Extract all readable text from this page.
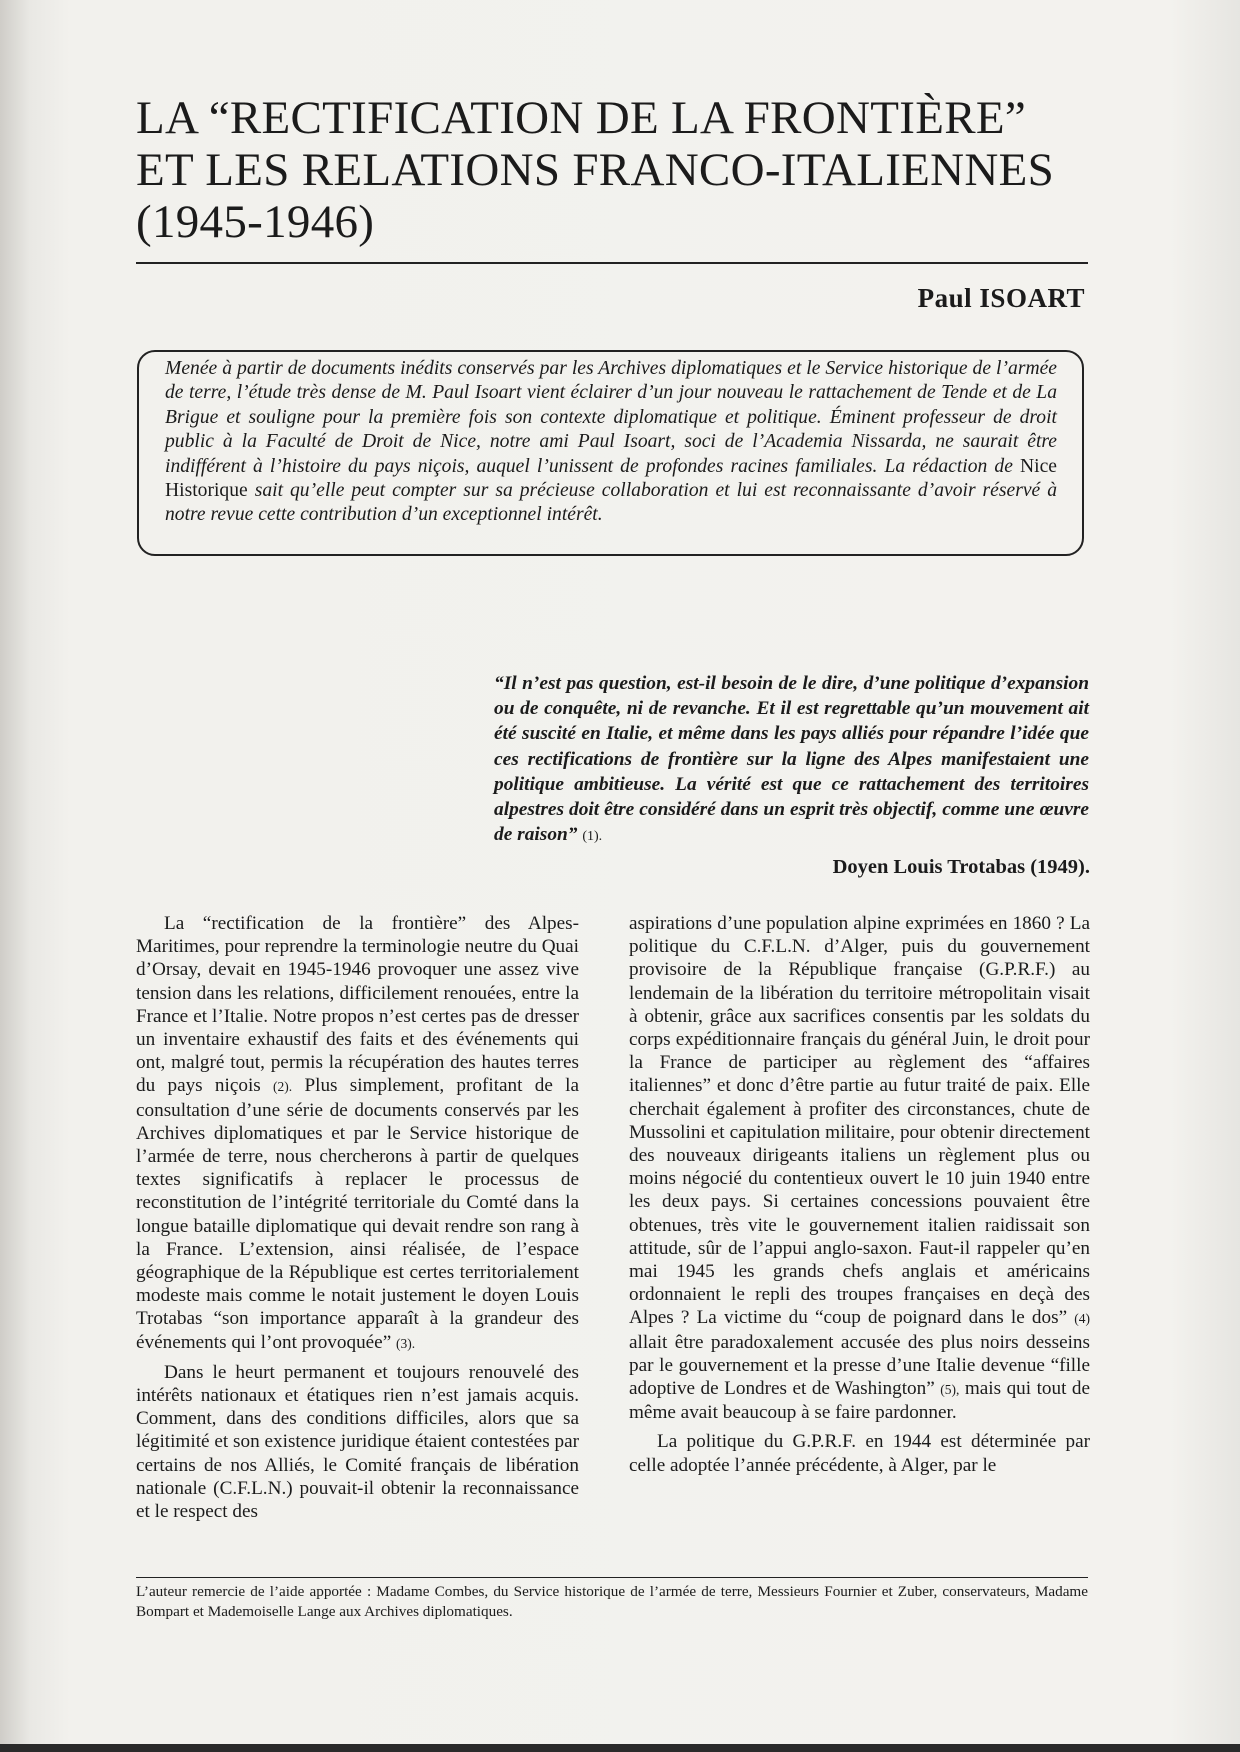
LA “RECTIFICATION DE LA FRONTIÈRE”
ET LES RELATIONS FRANCO-ITALIENNES
(1945-1946)
Paul ISOART

Menée à partir de documents inédits conservés par les Archives diplomatiques et le Service historique de l’armée de terre, l’étude très dense de M. Paul Isoart vient éclairer d’un jour nouveau le rattachement de Tende et de La Brigue et souligne pour la première fois son contexte diplomatique et politique. Éminent professeur de droit public à la Faculté de Droit de Nice, notre ami Paul Isoart, soci de l’Academia Nissarda, ne saurait être indifférent à l’histoire du pays niçois, auquel l’unissent de profondes racines familiales. La rédaction de Nice Historique sait qu’elle peut compter sur sa précieuse collaboration et lui est reconnaissante d’avoir réservé à notre revue cette contribution d’un exceptionnel intérêt.

“Il n’est pas question, est-il besoin de le dire, d’une politique d’expansion ou de conquête, ni de revanche. Et il est regrettable qu’un mouvement ait été suscité en Italie, et même dans les pays alliés pour répandre l’idée que ces rectifications de frontière sur la ligne des Alpes manifestaient une politique ambitieuse. La vérité est que ce rattachement des territoires alpestres doit être considéré dans un esprit très objectif, comme une œuvre de raison” (1).

Doyen Louis Trotabas (1949).

La “rectification de la frontière” des Alpes-Maritimes, pour reprendre la terminologie neutre du Quai d’Orsay, devait en 1945-1946 provoquer une assez vive tension dans les relations, difficilement renouées, entre la France et l’Italie. Notre propos n’est certes pas de dresser un inventaire exhaustif des faits et des événements qui ont, malgré tout, permis la récupération des hautes terres du pays niçois (2). Plus simplement, profitant de la consultation d’une série de documents conservés par les Archives diplomatiques et par le Service historique de l’armée de terre, nous chercherons à partir de quelques textes significatifs à replacer le processus de reconstitution de l’intégrité territoriale du Comté dans la longue bataille diplomatique qui devait rendre son rang à la France. L’extension, ainsi réalisée, de l’espace géographique de la République est certes territorialement modeste mais comme le notait justement le doyen Louis Trotabas “son importance apparaît à la grandeur des événements qui l’ont provoquée” (3).

Dans le heurt permanent et toujours renouvelé des intérêts nationaux et étatiques rien n’est jamais acquis. Comment, dans des conditions difficiles, alors que sa légitimité et son existence juridique étaient contestées par certains de nos Alliés, le Comité français de libération nationale (C.F.L.N.) pouvait-il obtenir la reconnaissance et le respect des

aspirations d’une population alpine exprimées en 1860 ? La politique du C.F.L.N. d’Alger, puis du gouvernement provisoire de la République française (G.P.R.F.) au lendemain de la libération du territoire métropolitain visait à obtenir, grâce aux sacrifices consentis par les soldats du corps expéditionnaire français du général Juin, le droit pour la France de participer au règlement des “affaires italiennes” et donc d’être partie au futur traité de paix. Elle cherchait également à profiter des circonstances, chute de Mussolini et capitulation militaire, pour obtenir directement des nouveaux dirigeants italiens un règlement plus ou moins négocié du contentieux ouvert le 10 juin 1940 entre les deux pays. Si certaines concessions pouvaient être obtenues, très vite le gouvernement italien raidissait son attitude, sûr de l’appui anglo-saxon. Faut-il rappeler qu’en mai 1945 les grands chefs anglais et américains ordonnaient le repli des troupes françaises en deçà des Alpes ? La victime du “coup de poignard dans le dos” (4) allait être paradoxalement accusée des plus noirs desseins par le gouvernement et la presse d’une Italie devenue “fille adoptive de Londres et de Washington” (5), mais qui tout de même avait beaucoup à se faire pardonner.

La politique du G.P.R.F. en 1944 est déterminée par celle adoptée l’année précédente, à Alger, par le

L’auteur remercie de l’aide apportée : Madame Combes, du Service historique de l’armée de terre, Messieurs Fournier et Zuber, conservateurs, Madame Bompart et Mademoiselle Lange aux Archives diplomatiques.
